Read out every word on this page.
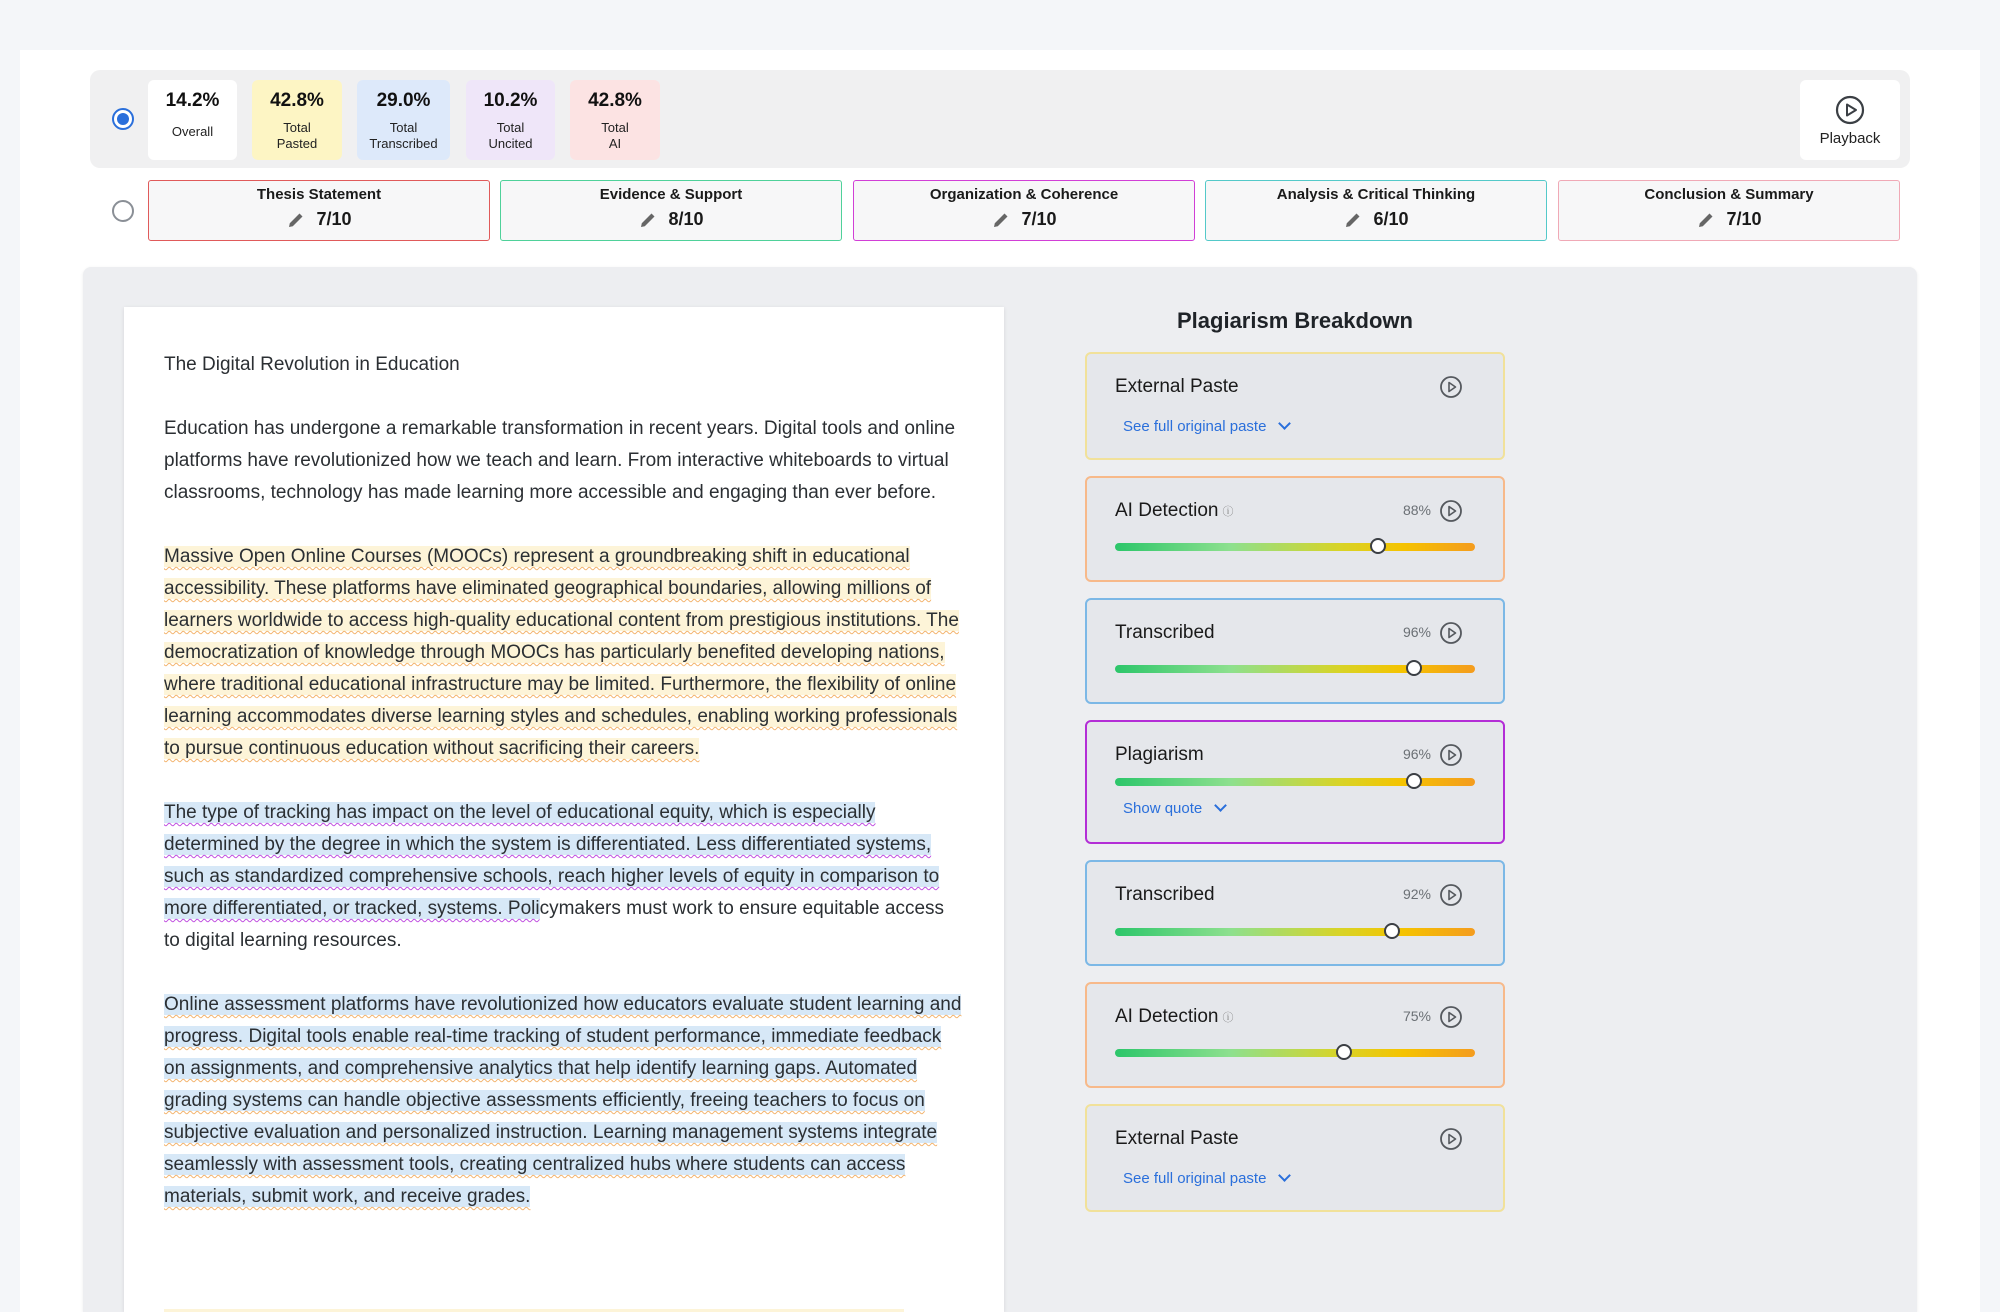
14.2%
Overall
42.8%
Total
Pasted
29.0%
Total
Transcribed
10.2%
Total
Uncited
42.8%
Total
AI	Playback
Thesis Statement
7/10
Evidence & Support
8/10
Organization & Coherence
7/10
Analysis & Critical Thinking
6/10
Conclusion & Summary
7/10
The Digital Revolution in Education

Education has undergone a remarkable transformation in recent years. Digital tools and online platforms have revolutionized how we teach and learn. From interactive whiteboards to virtual classrooms, technology has made learning more accessible and engaging than ever before.

Massive Open Online Courses (MOOCs) represent a groundbreaking shift in educational accessibility. These platforms have eliminated geographical boundaries, allowing millions of learners worldwide to access high-quality educational content from prestigious institutions. The democratization of knowledge through MOOCs has particularly benefited developing nations, where traditional educational infrastructure may be limited. Furthermore, the flexibility of online learning accommodates diverse learning styles and schedules, enabling working professionals to pursue continuous education without sacrificing their careers.

The type of tracking has impact on the level of educational equity, which is especially determined by the degree in which the system is differentiated. Less differentiated systems, such as standardized comprehensive schools, reach higher levels of equity in comparison to more differentiated, or tracked, systems. Policymakers must work to ensure equitable access to digital learning resources.

Online assessment platforms have revolutionized how educators evaluate student learning and progress. Digital tools enable real-time tracking of student performance, immediate feedback on assignments, and comprehensive analytics that help identify learning gaps. Automated grading systems can handle objective assessments efficiently, freeing teachers to focus on subjective evaluation and personalized instruction. Learning management systems integrate seamlessly with assessment tools, creating centralized hubs where students can access materials, submit work, and receive grades.

Plagiarism Breakdown
External Paste
See full original paste
AI Detection ⓘ	88%
Transcribed	96%
Plagiarism	96%
Show quote
Transcribed	92%
AI Detection ⓘ	75%
External Paste
See full original paste
